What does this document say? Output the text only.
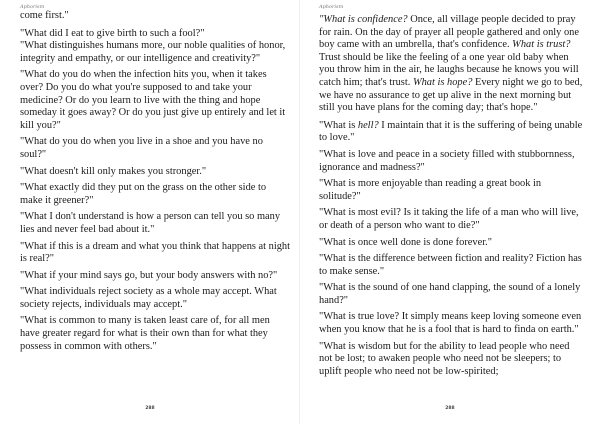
Aphorism

come first."

"What did I eat to give birth to such a fool?"

"What distinguishes humans more, our noble qualities of honor, integrity and empathy, or our intelligence and creativity?"

"What do you do when the infection hits you, when it takes over? Do you do what you're supposed to and take your medicine? Or do you learn to live with the thing and hope someday it goes away? Or do you just give up entirely and let it kill you?"

"What do you do when you live in a shoe and you have no soul?"

"What doesn't kill only makes you stronger."

"What exactly did they put on the grass on the other side to make it greener?"

"What I don't understand is how a person can tell you so many lies and never feel bad about it."

"What if this is a dream and what you think that happens at night is real?"

"What if your mind says go, but your body answers with no?"

"What individuals reject society as a whole may accept. What society rejects, individuals may accept."

"What is common to many is taken least care of, for all men have greater regard for what is their own than for what they possess in common with others."

288
Aphorism

"What is confidence? Once, all village people decided to pray for rain. On the day of prayer all people gathered and only one boy came with an umbrella, that's confidence. What is trust? Trust should be like the feeling of a one year old baby when you throw him in the air, he laughs because he knows you will catch him; that's trust. What is hope? Every night we go to bed, we have no assurance to get up alive in the next morning but still you have plans for the coming day; that's hope."

"What is hell? I maintain that it is the suffering of being unable to love."

"What is love and peace in a society filled with stubbornness, ignorance and madness?"

"What is more enjoyable than reading a great book in solitude?"

"What is most evil? Is it taking the life of a man who will live, or death of a person who want to die?"

"What is once well done is done forever."

"What is the difference between fiction and reality? Fiction has to make sense."

"What is the sound of one hand clapping, the sound of a lonely hand?"

"What is true love? It simply means keep loving someone even when you know that he is a fool that is hard to finda on earth."

"What is wisdom but for the ability to lead people who need not be lost; to awaken people who need not be sleepers; to uplift people who need not be low-spirited;

288
